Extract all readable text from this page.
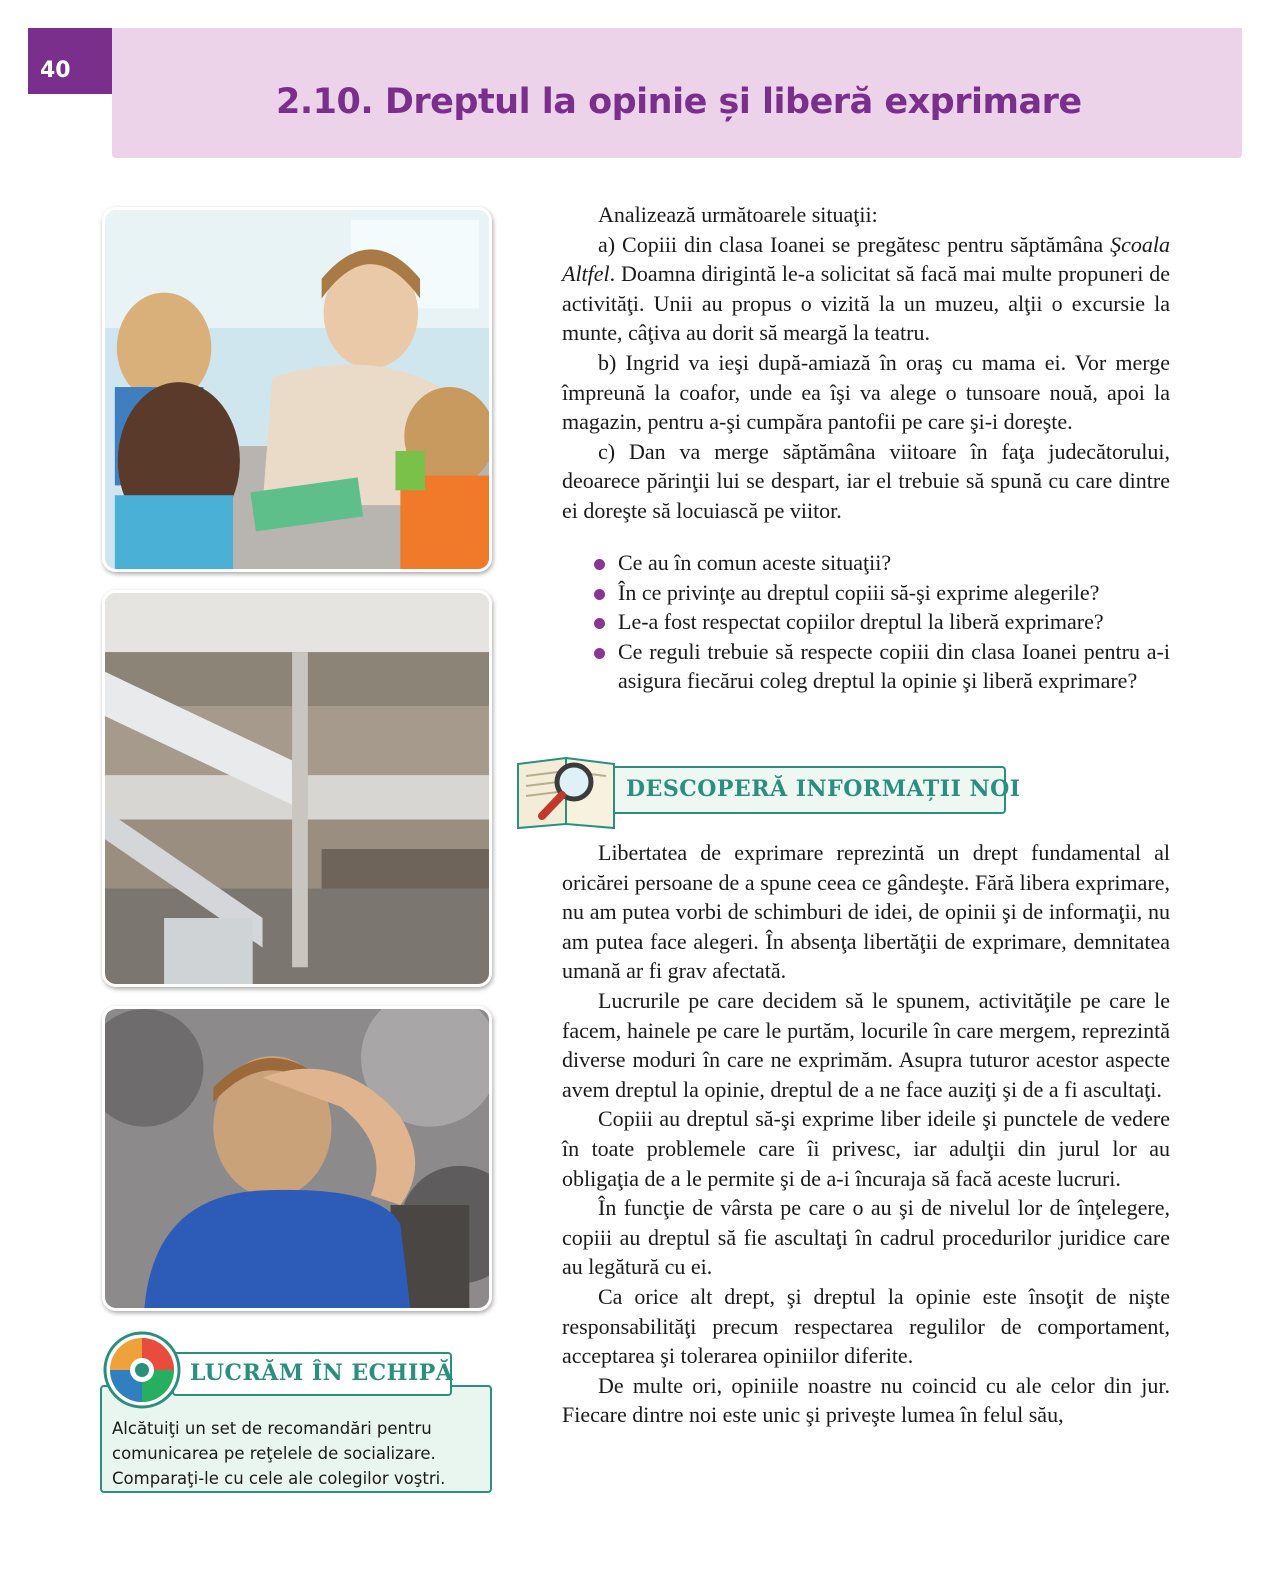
40
2.10. Dreptul la opinie și liberă exprimare

Analizează următoarele situaţii:

a) Copiii din clasa Ioanei se pregătesc pentru săptămâna Şcoala Altfel. Doamna dirigintă le-a solicitat să facă mai multe propuneri de activităţi. Unii au propus o vizită la un muzeu, alţii o excursie la munte, câţiva au dorit să meargă la teatru.

b) Ingrid va ieşi după-amiază în oraş cu mama ei. Vor merge împreună la coafor, unde ea îşi va alege o tunsoare nouă, apoi la magazin, pentru a-şi cumpăra pantofii pe care şi-i doreşte.

c) Dan va merge săptămâna viitoare în faţa judecătorului, deoarece părinţii lui se despart, iar el trebuie să spună cu care dintre ei doreşte să locuiască pe viitor.

Ce au în comun aceste situaţii?
În ce privinţe au dreptul copiii să-şi exprime alegerile?
Le-a fost respectat copiilor dreptul la liberă exprimare?
Ce reguli trebuie să respecte copiii din clasa Ioanei pentru a-i asigura fiecărui coleg dreptul la opinie şi liberă exprimare?
DESCOPERĂ INFORMAȚII NOI

Libertatea de exprimare reprezintă un drept fundamental al oricărei persoane de a spune ceea ce gândeşte. Fără libera exprimare, nu am putea vorbi de schimburi de idei, de opinii şi de informaţii, nu am putea face alegeri. În absenţa libertăţii de exprimare, demnitatea umană ar fi grav afectată.

Lucrurile pe care decidem să le spunem, activităţile pe care le facem, hainele pe care le purtăm, locurile în care mergem, reprezintă diverse moduri în care ne exprimăm. Asupra tuturor acestor aspecte avem dreptul la opinie, dreptul de a ne face auziţi şi de a fi ascultaţi.

Copiii au dreptul să-şi exprime liber ideile şi punctele de vedere în toate problemele care îi privesc, iar adulţii din jurul lor au obligaţia de a le permite şi de a-i încuraja să facă aceste lucruri.

În funcţie de vârsta pe care o au şi de nivelul lor de înţelegere, copiii au dreptul să fie ascultaţi în cadrul procedurilor juridice care au legătură cu ei.

Ca orice alt drept, şi dreptul la opinie este însoţit de nişte responsabilităţi precum respectarea regulilor de comportament, acceptarea şi tolerarea opiniilor diferite.

De multe ori, opiniile noastre nu coincid cu ale celor din jur. Fiecare dintre noi este unic şi priveşte lumea în felul său,

LUCRĂM ÎN ECHIPĂ
Alcătuiţi un set de recomandări pentru
comunicarea pe reţelele de socializare.
Comparaţi-le cu cele ale colegilor voştri.
